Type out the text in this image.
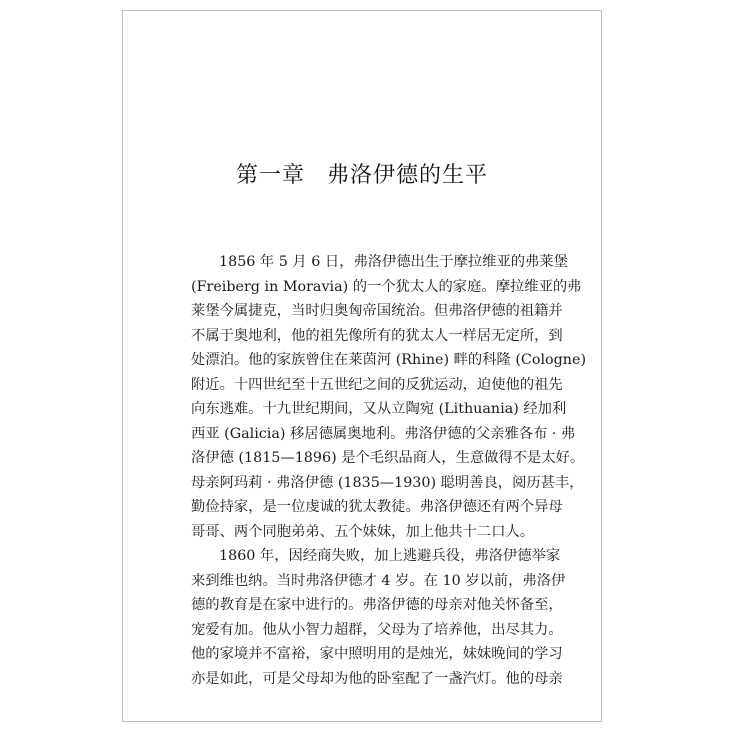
第一章 弗洛伊德的生平
1856 年 5 月 6 日，弗洛伊德出生于摩拉维亚的弗莱堡
(Freiberg in Moravia) 的一个犹太人的家庭。摩拉维亚的弗
莱堡今属捷克，当时归奥匈帝国统治。但弗洛伊德的祖籍并
不属于奥地利，他的祖先像所有的犹太人一样居无定所，到
处漂泊。他的家族曾住在莱茵河 (Rhine) 畔的科隆 (Cologne)
附近。十四世纪至十五世纪之间的反犹运动，迫使他的祖先
向东逃难。十九世纪期间，又从立陶宛 (Lithuania) 经加利
西亚 (Galicia) 移居德属奥地利。弗洛伊德的父亲雅各布 · 弗
洛伊德 (1815—1896) 是个毛织品商人，生意做得不是太好。
母亲阿玛莉 · 弗洛伊德 (1835—1930) 聪明善良，阅历甚丰，
勤俭持家，是一位虔诚的犹太教徒。弗洛伊德还有两个异母
哥哥、两个同胞弟弟、五个妹妹，加上他共十二口人。
1860 年，因经商失败，加上逃避兵役，弗洛伊德举家
来到维也纳。当时弗洛伊德才 4 岁。在 10 岁以前，弗洛伊
德的教育是在家中进行的。弗洛伊德的母亲对他关怀备至，
宠爱有加。他从小智力超群，父母为了培养他，出尽其力。
他的家境并不富裕，家中照明用的是烛光，妹妹晚间的学习
亦是如此，可是父母却为他的卧室配了一盏汽灯。他的母亲
